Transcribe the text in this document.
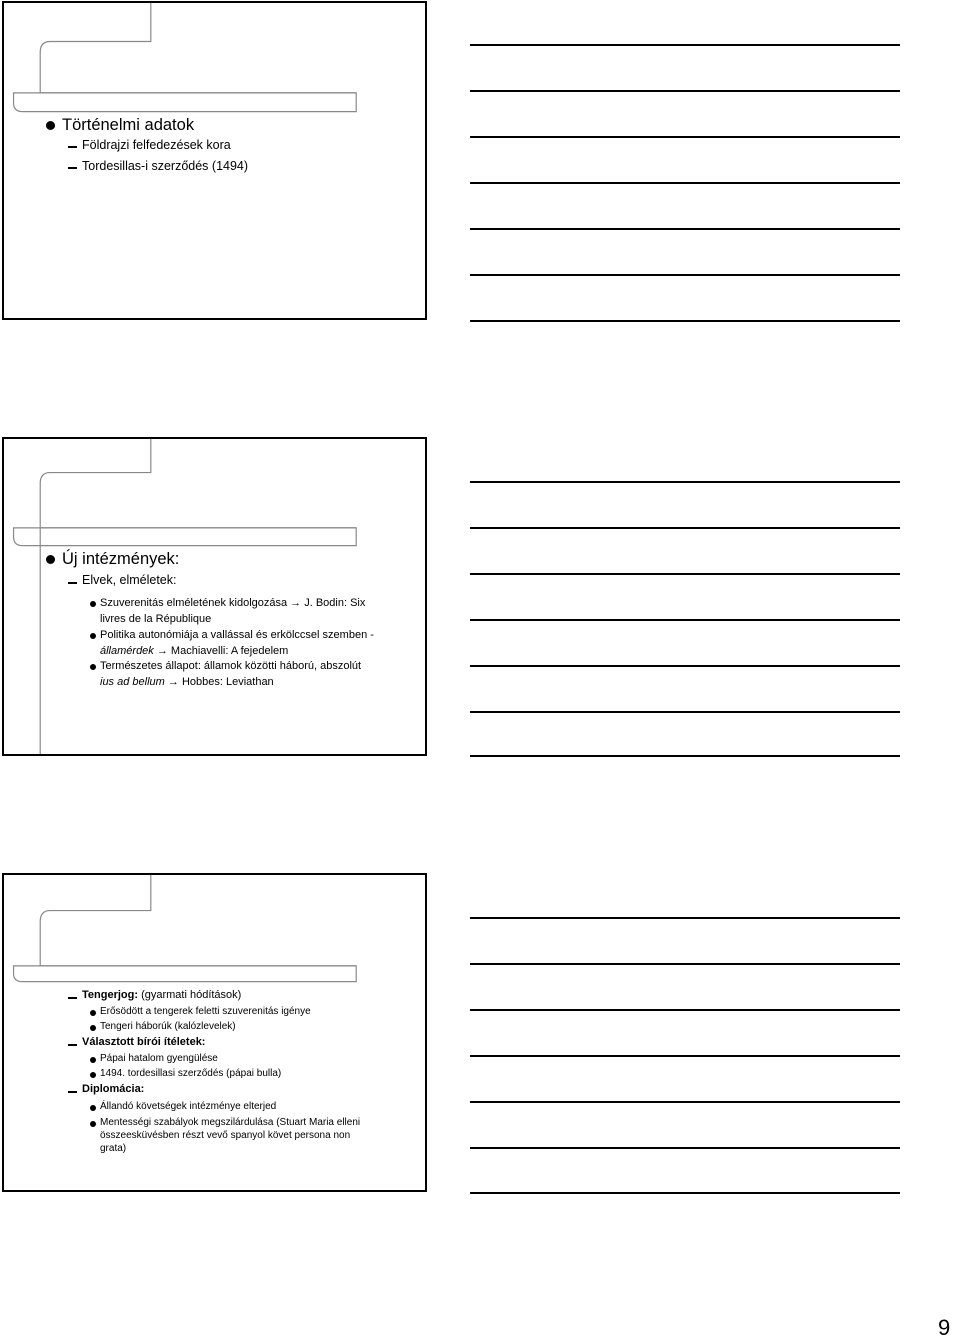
Történelmi adatok
Földrajzi felfedezések kora
Tordesillas-i szerződés (1494)
Új intézmények:
Elvek, elméletek:
Szuverenitás elméletének kidolgozása → J. Bodin: Six
livres de la République
Politika autonómiája a vallással és erkölccsel szemben -
államérdek → Machiavelli: A fejedelem
Természetes állapot: államok közötti háború, abszolút
ius ad bellum → Hobbes: Leviathan
Tengerjog: (gyarmati hódítások)
Erősödött a tengerek feletti szuverenitás igénye
Tengeri háborúk (kalózlevelek)
Választott bírói ítéletek:
Pápai hatalom gyengülése
1494. tordesillasi szerződés (pápai bulla)
Diplomácia:
Állandó követségek intézménye elterjed
Mentességi szabályok megszilárdulása (Stuart Maria elleni
összeesküvésben részt vevő spanyol követ persona non
grata)
9
